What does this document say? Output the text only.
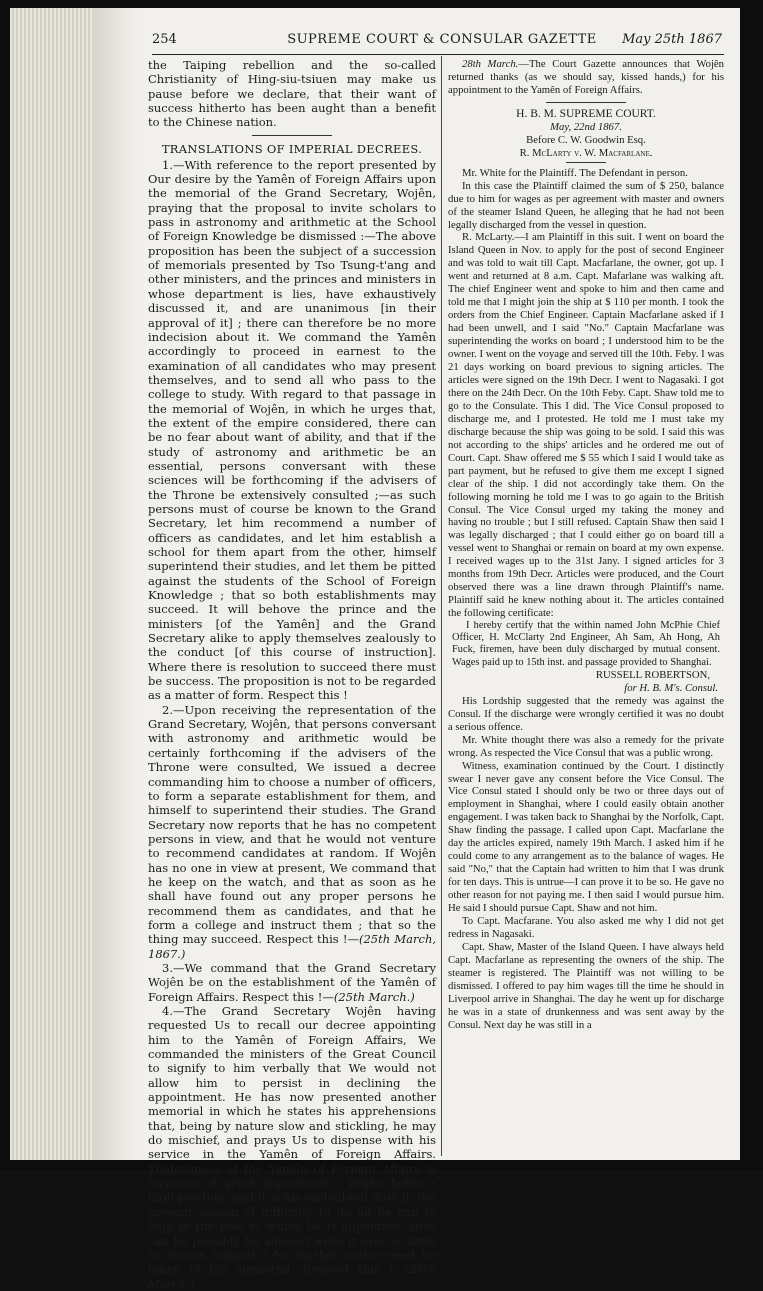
254	SUPREME COURT & CONSULAR GAZETTE	May 25th 1867

the Taiping rebellion and the so-called Christianity of Hing-siu-tsiuen may make us pause before we declare, that their want of success hitherto has been aught than a benefit to the Chinese nation.

TRANSLATIONS OF IMPERIAL DECREES.

1.—With reference to the report presented by Our desire by the Yamên of Foreign Affairs upon the memorial of the Grand Secretary, Wojên, praying that the proposal to invite scholars to pass in astronomy and arithmetic at the School of Foreign Knowledge be dismissed :—The above proposition has been the subject of a succession of memorials presented by Tso Tsung-t'ang and other ministers, and the princes and ministers in whose department is lies, have exhaustively discussed it, and are unanimous [in their approval of it] ; there can therefore be no more indecision about it. We command the Yamên accordingly to proceed in earnest to the examination of all candidates who may present themselves, and to send all who pass to the college to study. With regard to that passage in the memorial of Wojên, in which he urges that, the extent of the empire considered, there can be no fear about want of ability, and that if the study of astronomy and arithmetic be an essential, persons conversant with these sciences will be forthcoming if the advisers of the Throne be extensively consulted ;—as such persons must of course be known to the Grand Secretary, let him recommend a number of officers as candidates, and let him establish a school for them apart from the other, himself superintend their studies, and let them be pitted against the students of the School of Foreign Knowledge ; that so both establishments may succeed. It will behove the prince and the ministers [of the Yamên] and the Grand Secretary alike to apply themselves zealously to the conduct [of this course of instruction]. Where there is resolution to succeed there must be success. The proposition is not to be regarded as a matter of form. Respect this !

2.—Upon receiving the representation of the Grand Secretary, Wojên, that persons conversant with astronomy and arithmetic would be certainly forthcoming if the advisers of the Throne were consulted, We issued a decree commanding him to choose a number of officers, to form a separate establishment for them, and himself to superintend their studies. The Grand Secretary now reports that he has no competent persons in view, and that he would not venture to recommend candidates at random. If Wojên has no one in view at present, We command that he keep on the watch, and that as soon as he shall have found out any proper persons he recommend them as candidates, and that he form a college and instruct them ; that so the thing may succeed. Respect this !—(25th March, 1867.)

3.—We command that the Grand Secretary Wojên be on the establishment of the Yamên of Foreign Affairs. Respect this !—(25th March.)

4.—The Grand Secretary Wojên having requested Us to recall our decree appointing him to the Yamên of Foreign Affairs, We commanded the ministers of the Great Council to signify to him verbally that We would not allow him to persist in declining the appointment. He has now presented another memorial in which he states his apprehensions that, being by nature slow and stickling, he may do mischief, and prays Us to dispense with his service in the Yamên of Foreign Affairs. Thebusiness of the Yamên of Foreign Affairs is business of great importance ; Wojên holds a high position, and it is his undoubted duty in the present season of difficulty to do all he can to help in the post to which he is appointed. How can he possibly be allowed were it ever so little to excuse himself ? No further notice need he taken of his memorial. Respect this !—(27th March.)

28th March.—The Court Gazette announces that Wojên returned thanks (as we should say, kissed hands,) for his appointment to the Yamên of Foreign Affairs.

H. B. M. SUPREME COURT.

May, 22nd 1867.

Before C. W. Goodwin Esq.

R. McLarty v. W. Macfarlane.

Mr. White for the Plaintiff. The Defendant in person.

In this case the Plaintiff claimed the sum of $ 250, balance due to him for wages as per agreement with master and owners of the steamer Island Queen, he alleging that he had not been legally discharged from the vessel in question.

R. McLarty.—I am Plaintiff in this suit. I went on board the Island Queen in Nov. to apply for the post of second Engineer and was told to wait till Capt. Macfarlane, the owner, got up. I went and returned at 8 a.m. Capt. Mafarlane was walking aft. The chief Engineer went and spoke to him and then came and told me that I might join the ship at $ 110 per month. I took the orders from the Chief Engineer. Captain Macfarlane asked if I had been unwell, and I said "No." Captain Macfarlane was superintending the works on board ; I understood him to be the owner. I went on the voyage and served till the 10th. Feby. I was 21 days working on board previous to signing articles. The articles were signed on the 19th Decr. I went to Nagasaki. I got there on the 24th Decr. On the 10th Feby. Capt. Shaw told me to go to the Consulate. This I did. The Vice Consul proposed to discharge me, and I protested. He told me I must take my discharge because the ship was going to be sold. I said this was not according to the ships' articles and he ordered me out of Court. Capt. Shaw offered me $ 55 which I said I would take as part payment, but he refused to give them me except I signed clear of the ship. I did not accordingly take them. On the following morning he told me I was to go again to the British Consul. The Vice Consul urged my taking the money and having no trouble ; but I still refused. Captain Shaw then said I was legally discharged ; that I could either go on board till a vessel went to Shanghai or remain on board at my own expense. I received wages up to the 31st Jany. I signed articles for 3 months from 19th Decr. Articles were produced, and the Court observed there was a line drawn through Plaintiff's name. Plaintiff said he knew nothing about it. The articles contained the following certificate:

I hereby certify that the within named John McPhie Chief Officer, H. McClarty 2nd Engineer, Ah Sam, Ah Hong, Ah Fuck, firemen, have been duly discharged by mutual consent. Wages paid up to 15th inst. and passage provided to Shanghai.

RUSSELL ROBERTSON,

for H. B. M's. Consul.

His Lordship suggested that the remedy was against the Consul. If the discharge were wrongly certified it was no doubt a serious offence.

Mr. White thought there was also a remedy for the private wrong. As respected the Vice Consul that was a public wrong.

Witness, examination continued by the Court. I distinctly swear I never gave any consent before the Vice Consul. The Vice Consul stated I should only be two or three days out of employment in Shanghai, where I could easily obtain another engagement. I was taken back to Shanghai by the Norfolk, Capt. Shaw finding the passage. I called upon Capt. Macfarlane the day the articles expired, namely 19th March. I asked him if he could come to any arrangement as to the balance of wages. He said "No," that the Captain had written to him that I was drunk for ten days. This is untrue—I can prove it to be so. He gave no other reason for not paying me. I then said I would pursue him. He said I should pursue Capt. Shaw and not him.

To Capt. Macfarane. You also asked me why I did not get redress in Nagasaki.

Capt. Shaw, Master of the Island Queen. I have always held Capt. Macfarlane as representing the owners of the ship. The steamer is registered. The Plaintiff was not willing to be dismissed. I offered to pay him wages till the time he should in Liverpool arrive in Shanghai. The day he went up for discharge he was in a state of drunkenness and was sent away by the Consul. Next day he was still in a
